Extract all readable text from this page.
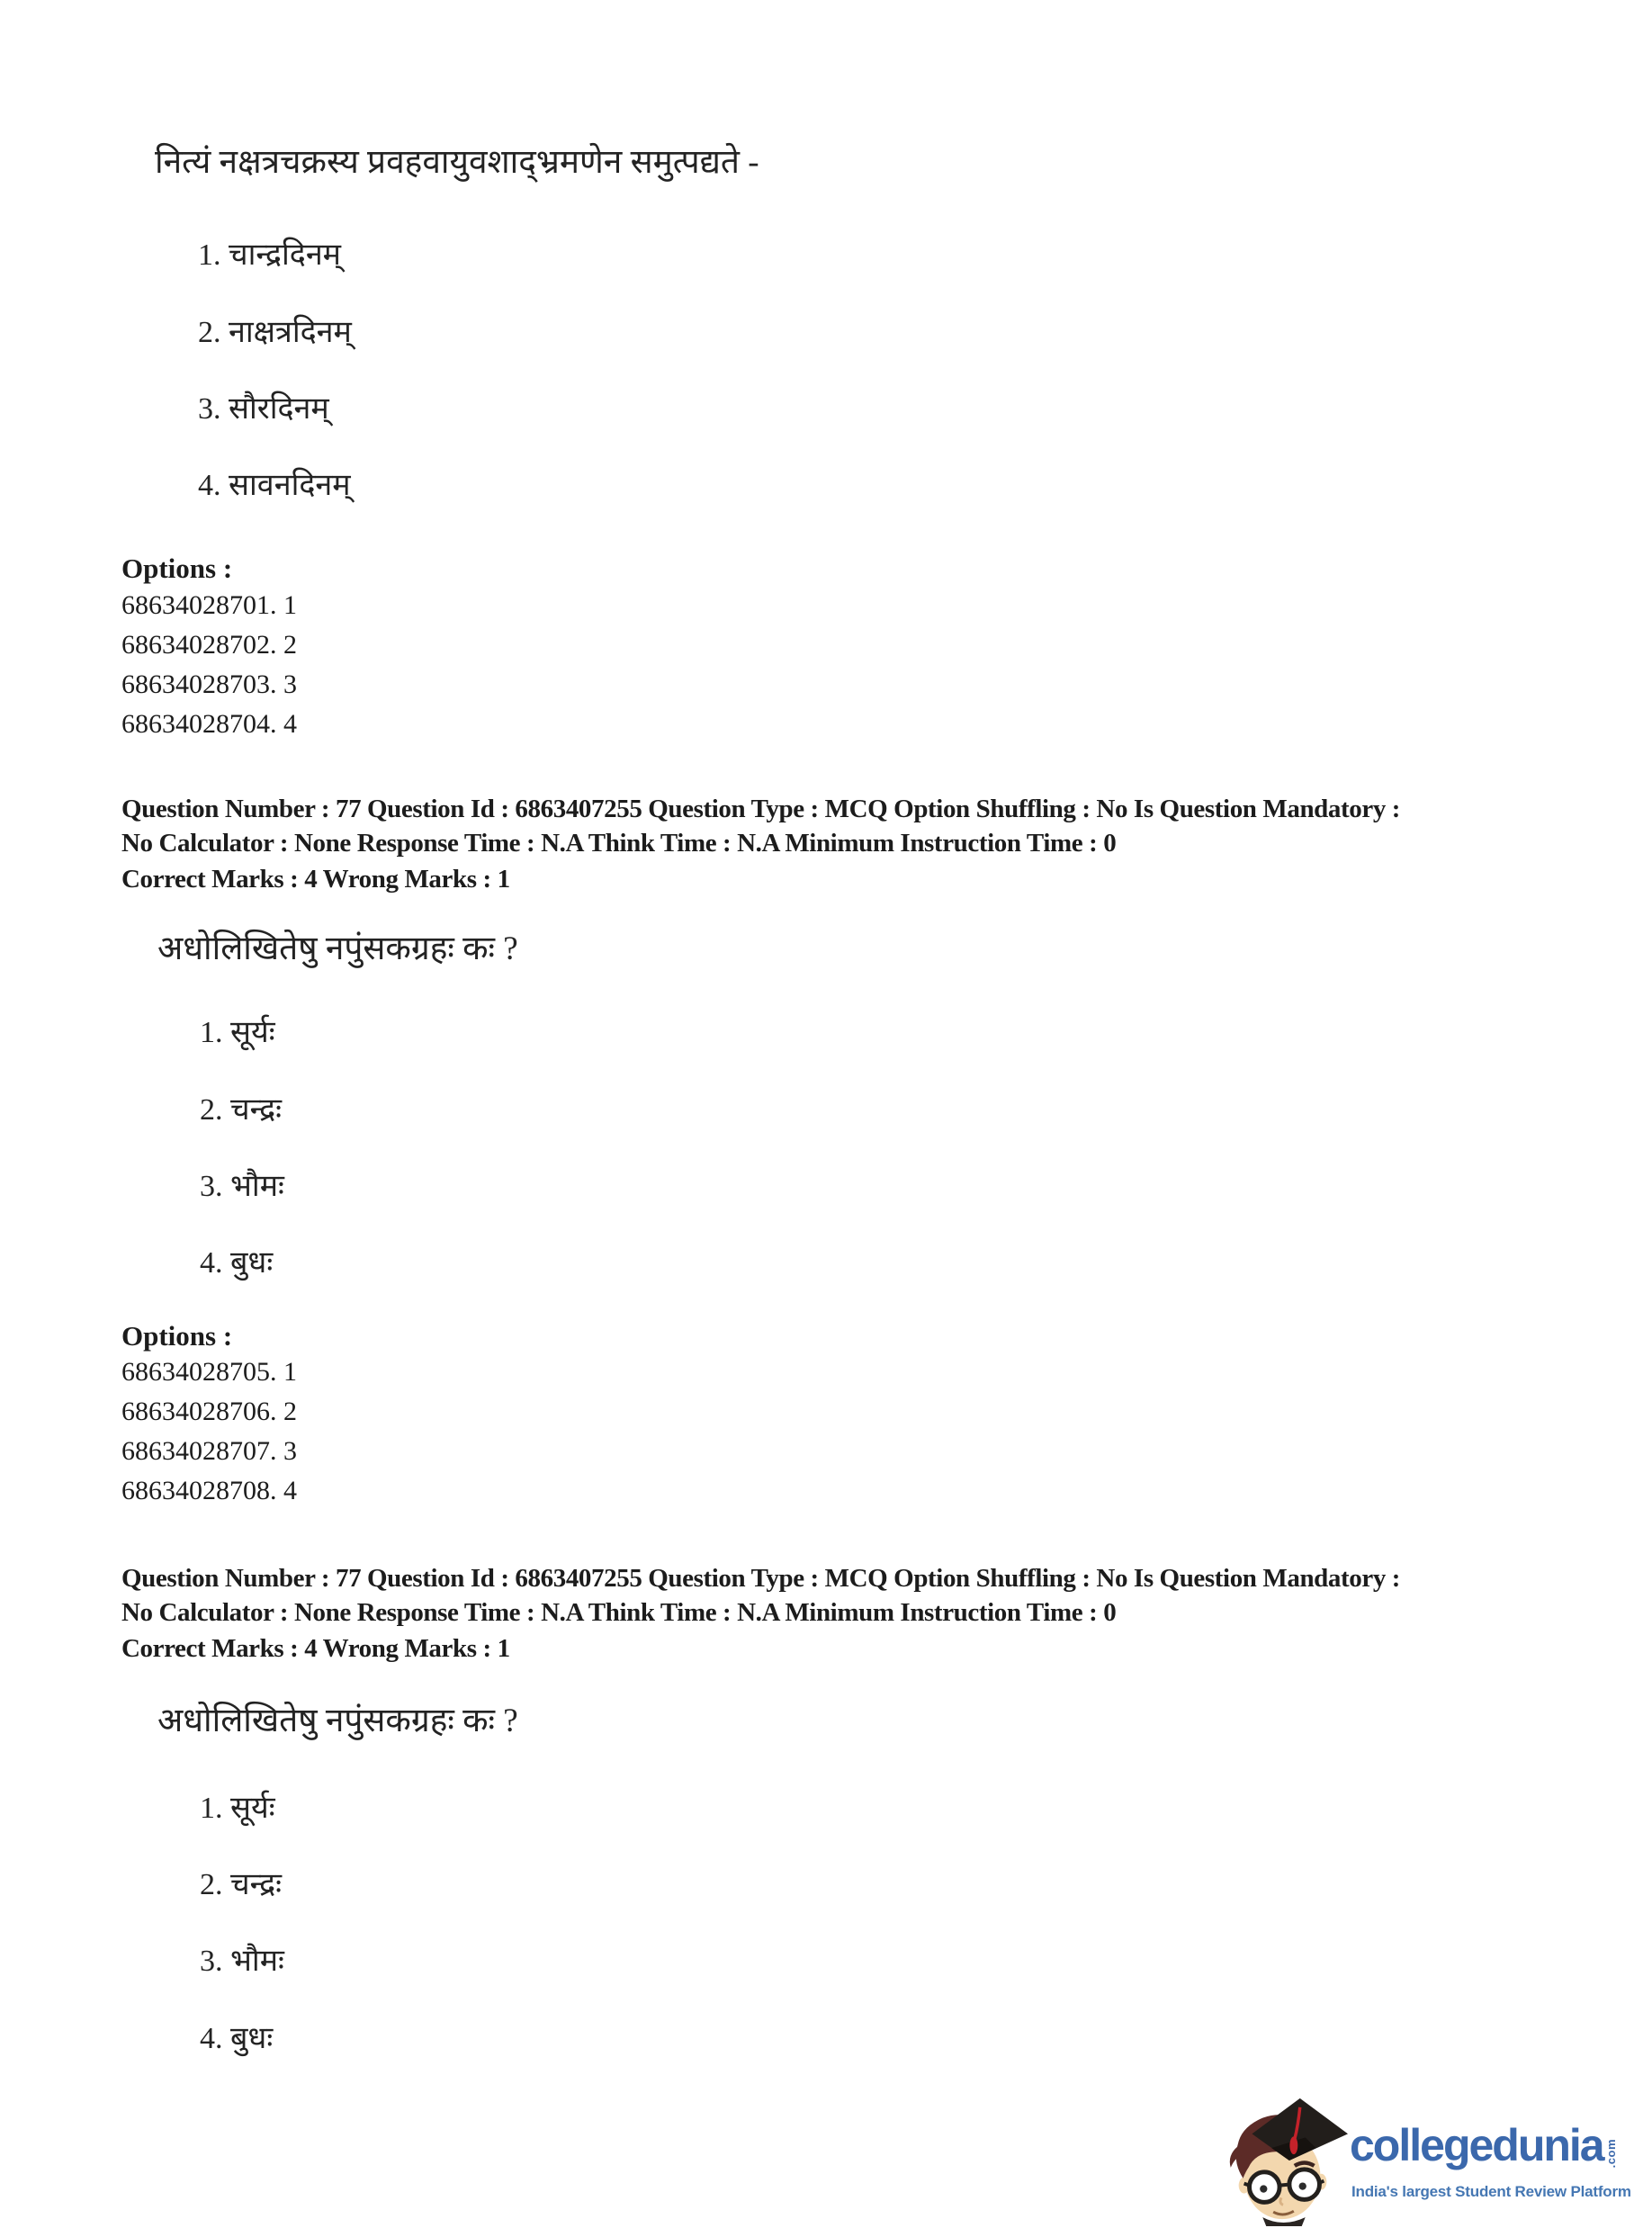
नित्यं नक्षत्रचक्रस्य प्रवहवायुवशाद्भ्रमणेन समुत्पद्यते -
1. चान्द्रदिनम्
2. नाक्षत्रदिनम्
3. सौरदिनम्
4. सावनदिनम्
Options :
68634028701. 1
68634028702. 2
68634028703. 3
68634028704. 4
Question Number : 77 Question Id : 6863407255 Question Type : MCQ Option Shuffling : No Is Question Mandatory :
No Calculator : None Response Time : N.A Think Time : N.A Minimum Instruction Time : 0
Correct Marks : 4 Wrong Marks : 1
अधोलिखितेषु नपुंसकग्रहः कः ?
1. सूर्यः
2. चन्द्रः
3. भौमः
4. बुधः
Options :
68634028705. 1
68634028706. 2
68634028707. 3
68634028708. 4
Question Number : 77 Question Id : 6863407255 Question Type : MCQ Option Shuffling : No Is Question Mandatory :
No Calculator : None Response Time : N.A Think Time : N.A Minimum Instruction Time : 0
Correct Marks : 4 Wrong Marks : 1
अधोलिखितेषु नपुंसकग्रहः कः ?
1. सूर्यः
2. चन्द्रः
3. भौमः
4. बुधः
collegedunia .com
India's largest Student Review Platform
